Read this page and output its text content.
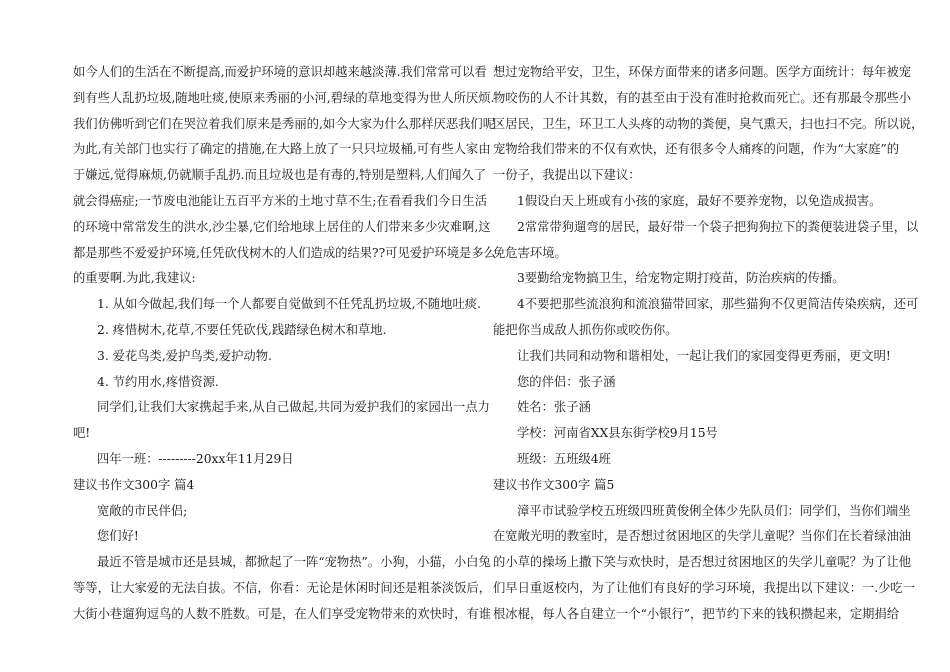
如今人们的生活在不断提高,而爱护环境的意识却越来越淡薄.我们常常可以看

到有些人乱扔垃圾,随地吐痰,使原来秀丽的小河,碧绿的草地变得为世人所厌烦.

我们仿佛听到它们在哭泣着我们原来是秀丽的,如今大家为什么那样厌恶我们呢

为此,有关部门也实行了确定的措施,在大路上放了一只只垃圾桶,可有些人家由

于嫌远,觉得麻烦,仍就顺手乱扔.而且垃圾也是有毒的,特别是塑料,人们闻久了

就会得癌症;一节废电池能让五百平方米的土地寸草不生;在看看我们今日生活

的环境中常常发生的洪水,沙尘暴,它们给地球上居住的人们带来多少灾难啊,这

都是那些不爱爱护环境,任凭砍伐树木的人们造成的结果??可见爱护环境是多么

的重要啊.为此,我建议:

1. 从如今做起,我们每一个人都要自觉做到不任凭乱扔垃圾,不随地吐痰.

2. 疼惜树木,花草,不要任凭砍伐,践踏绿色树木和草地.

3. 爱花鸟类,爱护鸟类,爱护动物.

4. 节约用水,疼惜资源.

同学们,让我们大家携起手来,从自己做起,共同为爱护我们的家园出一点力

吧!

四年一班：---------20xx年11月29日

建议书作文300字 篇4

宽敞的市民伴侣;

您们好!

最近不管是城市还是县城，都掀起了一阵“宠物热”。小狗，小猫，小白兔

等等，让大家爱的无法自拔。不信，你看：无论是休闲时间还是粗茶淡饭后，

大街小巷遛狗逗鸟的人数不胜数。可是，在人们享受宠物带来的欢快时，有谁

想过宠物给平安，卫生，环保方面带来的诸多问题。医学方面统计：每年被宠

物咬伤的人不计其数，有的甚至由于没有准时抢救而死亡。还有那最令那些小

区居民，卫生，环卫工人头疼的动物的粪便，臭气熏天，扫也扫不完。所以说，

宠物给我们带来的不仅有欢快，还有很多令人痛疼的问题，作为“大家庭”的

一份子，我提出以下建议：

1假设白天上班或有小孩的家庭，最好不要养宠物，以免造成损害。

2常常带狗遛弯的居民，最好带一个袋子把狗狗拉下的粪便装进袋子里，以

免危害环境。

3要勤给宠物搞卫生，给宠物定期打疫苗，防治疾病的传播。

4不要把那些流浪狗和流浪猫带回家，那些猫狗不仅更简洁传染疾病，还可

能把你当成敌人抓伤你或咬伤你。

让我们共同和动物和谐相处，一起让我们的家园变得更秀丽，更文明!

您的伴侣：张子涵

姓名：张子涵

学校：河南省XX县东街学校9月15号

班级：五班级4班

建议书作文300字 篇5

漳平市试验学校五班级四班黄俊俐全体少先队员们：同学们，当你们端坐

在宽敞光明的教室时，是否想过贫困地区的失学儿童呢？当你们在长着绿油油

的小草的操场上撒下笑与欢快时，是否想过贫困地区的失学儿童呢？为了让他

们早日重返校内，为了让他们有良好的学习环境，我提出以下建议：一.少吃一

根冰棍，每人各自建立一个“小银行”，把节约下来的钱积攒起来，定期捐给
